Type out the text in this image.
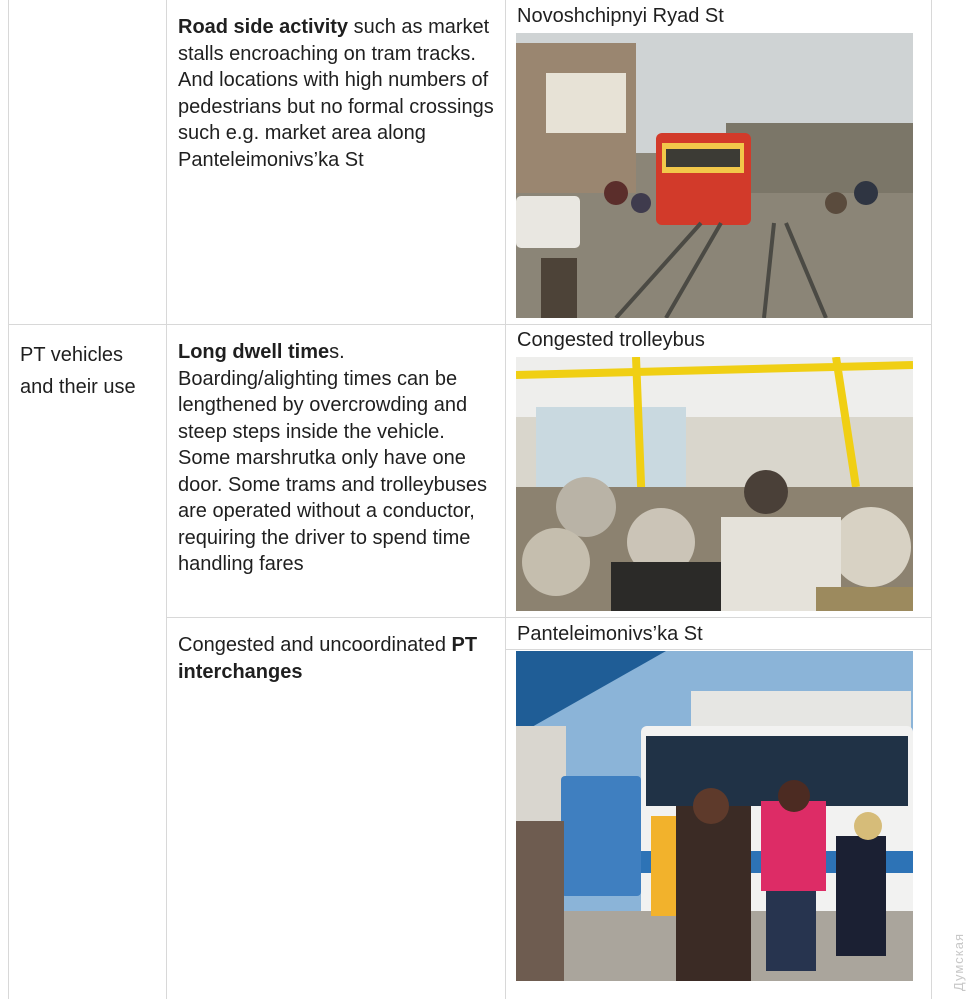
Road side activity such as market stalls encroaching on tram tracks. And locations with high numbers of pedestrians but no formal crossings such e.g. market area along Panteleimonivs’ka St
Novoshchipnyi Ryad St
PT vehicles and their use
Long dwell times.
Boarding/alighting times can be lengthened by overcrowding and steep steps inside the vehicle. Some marshrutka only have one door. Some trams and trolleybuses are operated without a conductor, requiring the driver to spend time handling fares
Congested trolleybus
Congested and uncoordinated PT interchanges
Panteleimonivs’ka St
Думская
